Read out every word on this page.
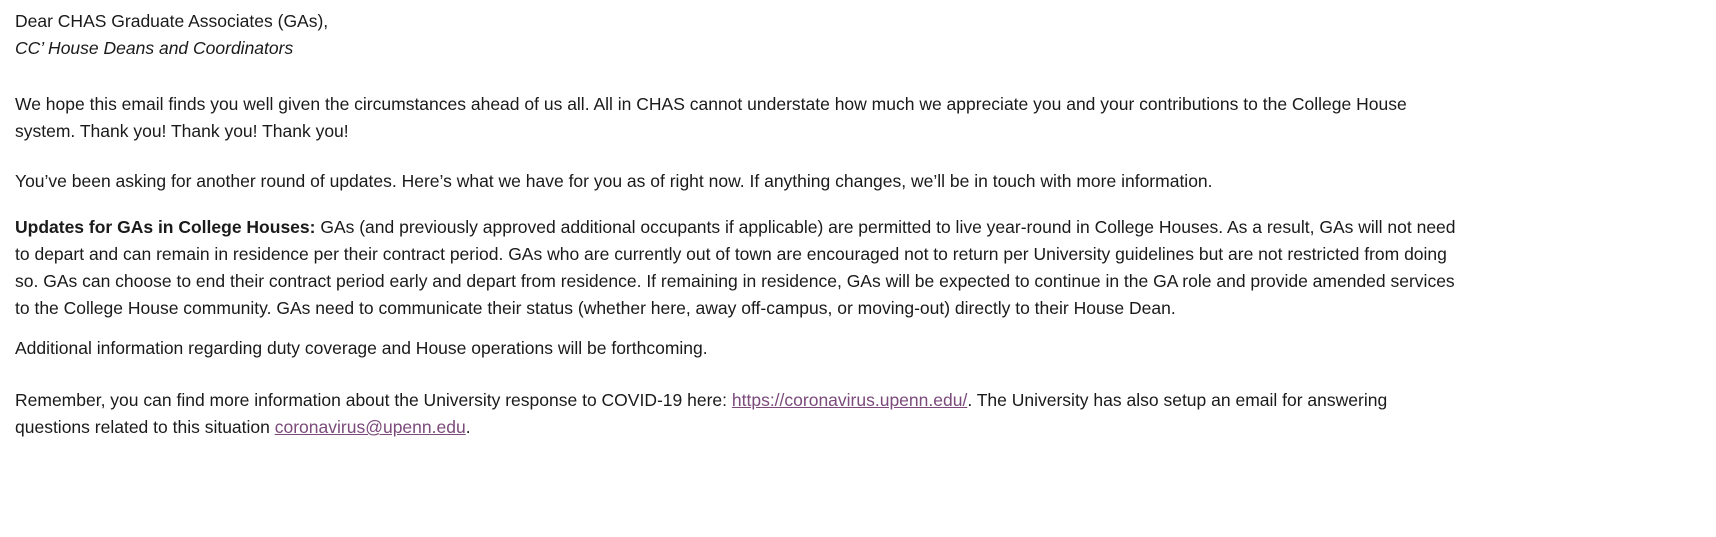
Dear CHAS Graduate Associates (GAs),
CC’ House Deans and Coordinators
We hope this email finds you well given the circumstances ahead of us all. All in CHAS cannot understate how much we appreciate you and your contributions to the College House
system. Thank you! Thank you! Thank you!
You’ve been asking for another round of updates. Here’s what we have for you as of right now. If anything changes, we’ll be in touch with more information.
Updates for GAs in College Houses: GAs (and previously approved additional occupants if applicable) are permitted to live year-round in College Houses. As a result, GAs will not need
to depart and can remain in residence per their contract period. GAs who are currently out of town are encouraged not to return per University guidelines but are not restricted from doing
so. GAs can choose to end their contract period early and depart from residence. If remaining in residence, GAs will be expected to continue in the GA role and provide amended services
to the College House community. GAs need to communicate their status (whether here, away off-campus, or moving-out) directly to their House Dean.
Additional information regarding duty coverage and House operations will be forthcoming.
Remember, you can find more information about the University response to COVID-19 here: https://coronavirus.upenn.edu/. The University has also setup an email for answering
questions related to this situation coronavirus@upenn.edu.
